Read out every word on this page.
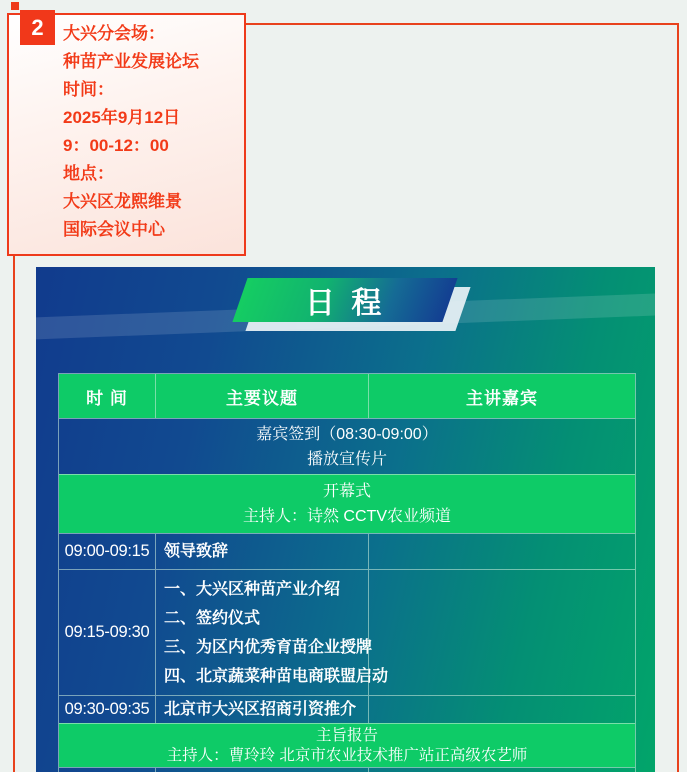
大兴分会场：
种苗产业发展论坛
时间：
2025年9月12日
9：00-12：00
地点：
大兴区龙熙维景
国际会议中心
2
日 程
时 间	主要议题	主讲嘉宾
嘉宾签到（08:30-09:00）
播放宣传片
开幕式
主持人：诗然 CCTV农业频道
09:00-09:15 领导致辞
09:15-09:30
一、大兴区种苗产业介绍
二、签约仪式
三、为区内优秀育苗企业授牌
四、北京蔬菜种苗电商联盟启动
09:30-09:35 北京市大兴区招商引资推介
主旨报告
主持人：曹玲玲 北京市农业技术推广站正高级农艺师
